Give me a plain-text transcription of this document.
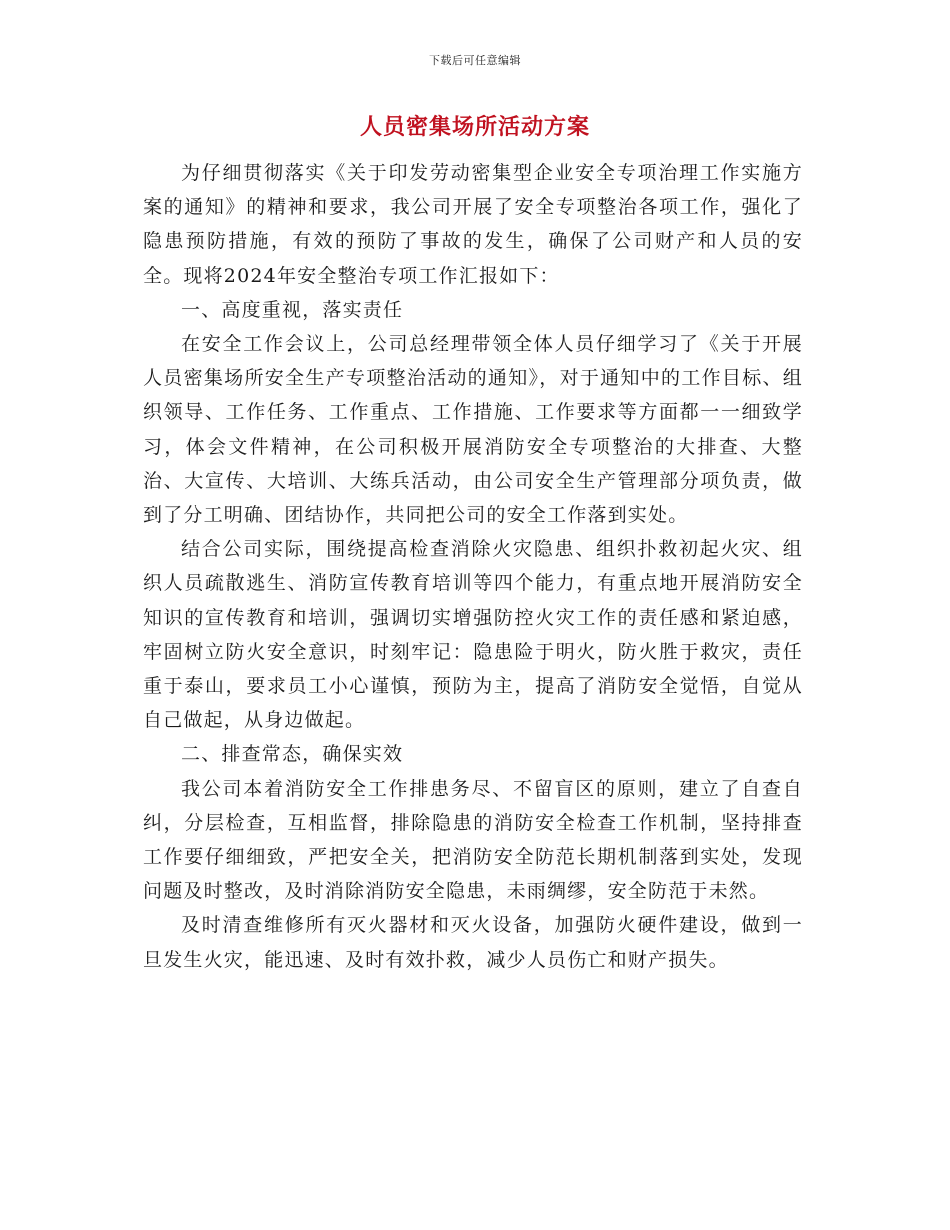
下载后可任意编辑
人员密集场所活动方案

为仔细贯彻落实《关于印发劳动密集型企业安全专项治理工作实施方案的通知》的精神和要求，我公司开展了安全专项整治各项工作，强化了隐患预防措施，有效的预防了事故的发生，确保了公司财产和人员的安全。现将2024年安全整治专项工作汇报如下：

一、高度重视，落实责任

在安全工作会议上，公司总经理带领全体人员仔细学习了《关于开展人员密集场所安全生产专项整治活动的通知》，对于通知中的工作目标、组织领导、工作任务、工作重点、工作措施、工作要求等方面都一一细致学习，体会文件精神，在公司积极开展消防安全专项整治的大排查、大整治、大宣传、大培训、大练兵活动，由公司安全生产管理部分项负责，做到了分工明确、团结协作，共同把公司的安全工作落到实处。

结合公司实际，围绕提高检查消除火灾隐患、组织扑救初起火灾、组织人员疏散逃生、消防宣传教育培训等四个能力，有重点地开展消防安全知识的宣传教育和培训，强调切实增强防控火灾工作的责任感和紧迫感，牢固树立防火安全意识，时刻牢记：隐患险于明火，防火胜于救灾，责任重于泰山，要求员工小心谨慎，预防为主，提高了消防安全觉悟，自觉从自己做起，从身边做起。

二、排查常态，确保实效

我公司本着消防安全工作排患务尽、不留盲区的原则，建立了自查自纠，分层检查，互相监督，排除隐患的消防安全检查工作机制，坚持排查工作要仔细细致，严把安全关，把消防安全防范长期机制落到实处，发现问题及时整改，及时消除消防安全隐患，未雨绸缪，安全防范于未然。

及时清查维修所有灭火器材和灭火设备，加强防火硬件建设，做到一旦发生火灾，能迅速、及时有效扑救，减少人员伤亡和财产损失。
